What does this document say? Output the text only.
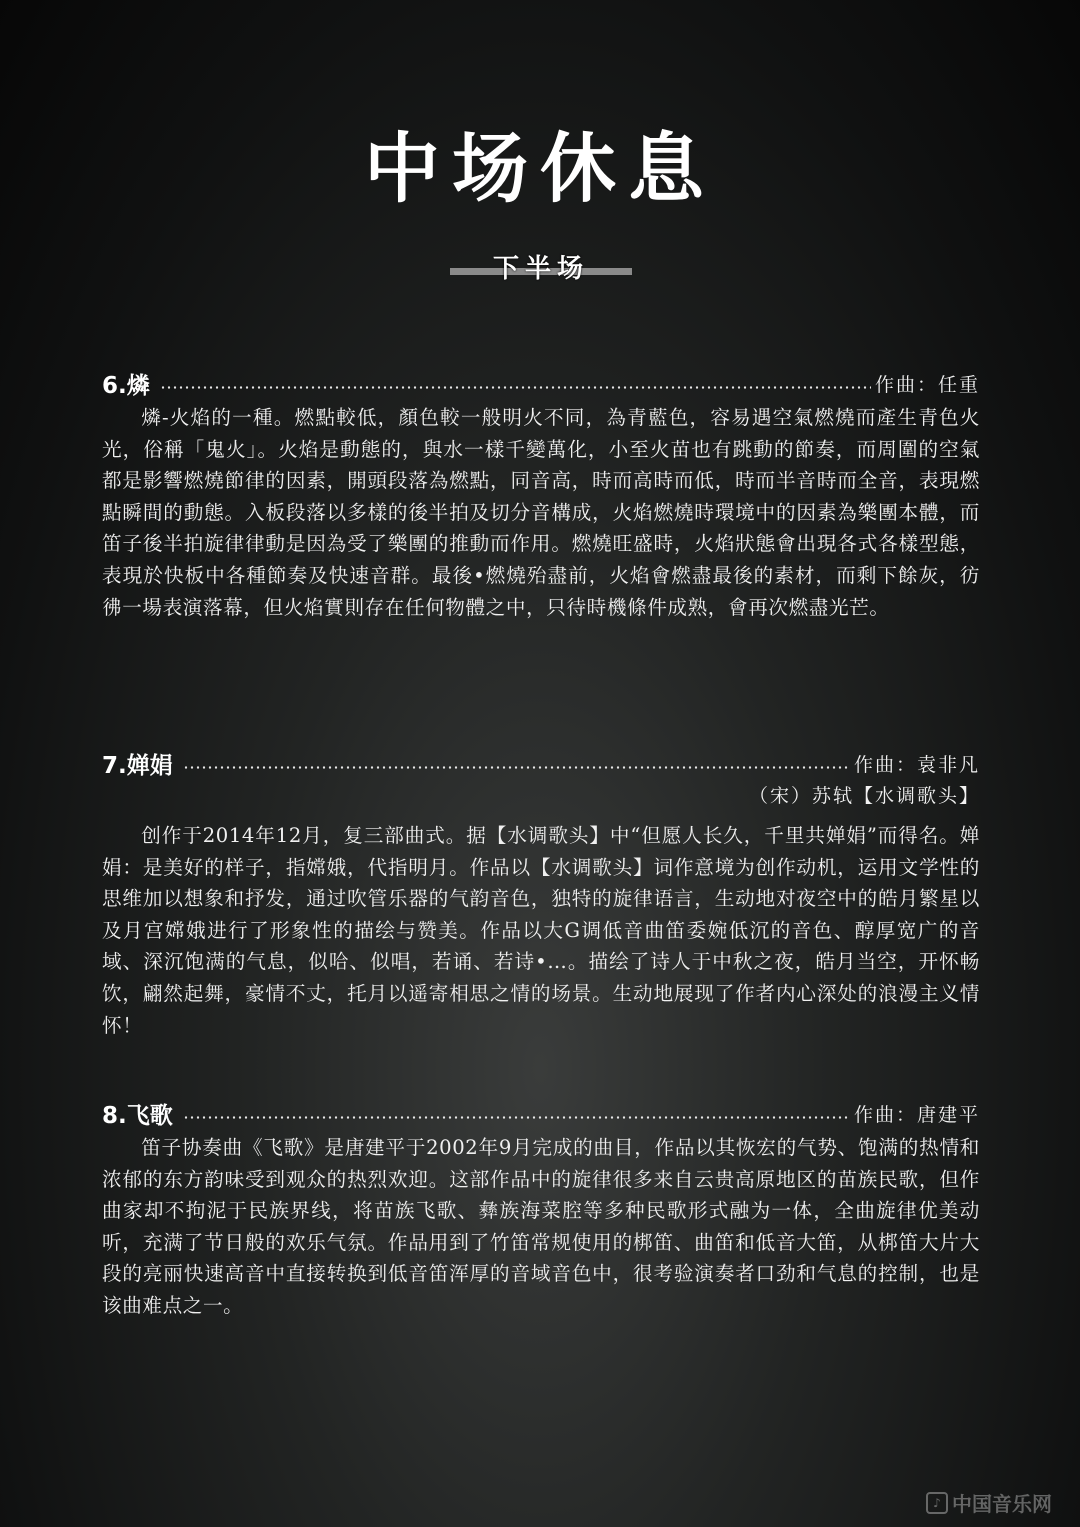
中场休息
下半场
6.燐	作曲：任重

燐-火焰的一種。燃點較低，顏色較一般明火不同，為青藍色，容易遇空氣燃燒而產生青色火光，俗稱「鬼火」。火焰是動態的，與水一樣千變萬化，小至火苗也有跳動的節奏，而周圍的空氣都是影響燃燒節律的因素，開頭段落為燃點，同音高，時而高時而低，時而半音時而全音，表現燃點瞬間的動態。入板段落以多樣的後半拍及切分音構成，火焰燃燒時環境中的因素為樂團本體，而笛子後半拍旋律律動是因為受了樂團的推動而作用。燃燒旺盛時，火焰狀態會出現各式各樣型態，表現於快板中各種節奏及快速音群。最後•燃燒殆盡前，火焰會燃盡最後的素材，而剩下餘灰，彷彿一場表演落幕，但火焰實則存在任何物體之中，只待時機條件成熟，會再次燃盡光芒。

7.婵娟	作曲：袁非凡
（宋）苏轼【水调歌头】

创作于2014年12月，复三部曲式。据【水调歌头】中“但愿人长久，千里共婵娟”而得名。婵娟：是美好的样子，指嫦娥，代指明月。作品以【水调歌头】词作意境为创作动机，运用文学性的思维加以想象和抒发，通过吹管乐器的气韵音色，独特的旋律语言，生动地对夜空中的皓月繁星以及月宫嫦娥进行了形象性的描绘与赞美。作品以大G调低音曲笛委婉低沉的音色、醇厚宽广的音域、深沉饱满的气息，似哈、似唱，若诵、若诗•…。描绘了诗人于中秋之夜，皓月当空，开怀畅饮，翩然起舞，豪情不丈，托月以遥寄相思之情的场景。生动地展现了作者内心深处的浪漫主义情怀！

8.飞歌	作曲：唐建平

笛子协奏曲《飞歌》是唐建平于2002年9月完成的曲目，作品以其恢宏的气势、饱满的热情和浓郁的东方韵味受到观众的热烈欢迎。这部作品中的旋律很多来自云贵高原地区的苗族民歌，但作曲家却不拘泥于民族界线，将苗族飞歌、彝族海菜腔等多种民歌形式融为一体，全曲旋律优美动听，充满了节日般的欢乐气氛。作品用到了竹笛常规使用的梆笛、曲笛和低音大笛，从梆笛大片大段的亮丽快速高音中直接转换到低音笛浑厚的音域音色中，很考验演奏者口劲和气息的控制，也是该曲难点之一。

♪ 中国音乐网
